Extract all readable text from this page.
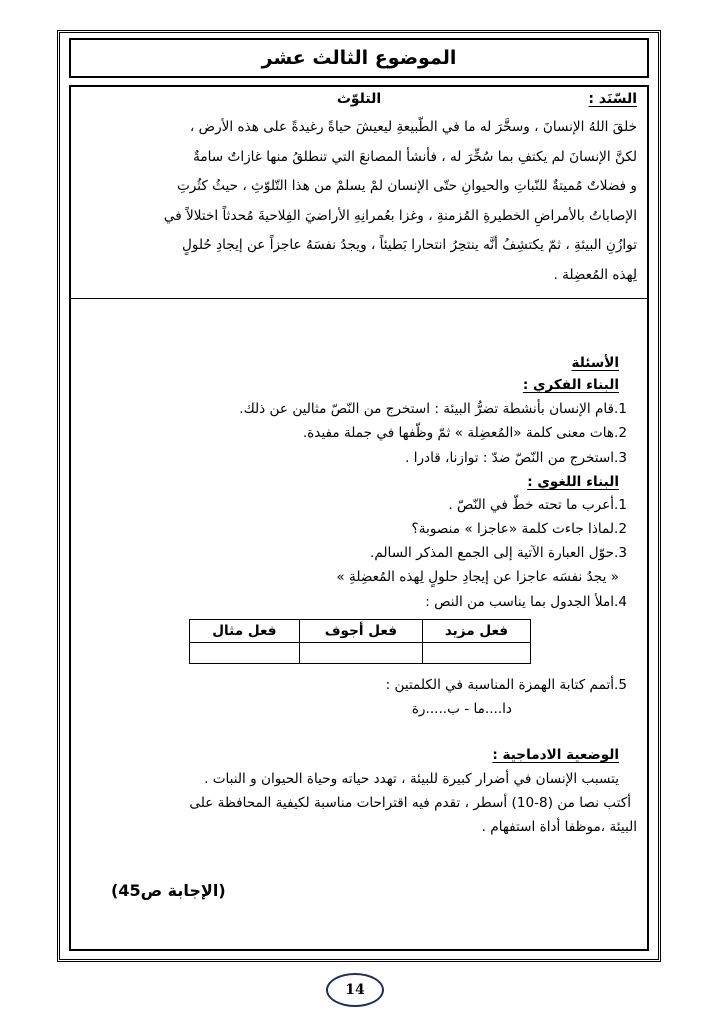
الموضوع الثالث عشر
السّنَد :
التلوّث

خلقَ اللهُ الإنسانَ ، وسخَّرَ له ما في الطّبيعةِ ليعيشَ حياةً رغيدةً على هذه الأرض ،

لكنَّ الإنسانَ لم يكتفِ بما سُخِّرَ له ، فأنشأ المصانعَ التي تنطلقُ منها غازاتٌ سامةٌ

و فضلاتٌ مُميتةٌ للنّباتِ والحيوانِ حتّى الإنسان لمْ يسلمْ من هذا التّلوّثِ ، حيثُ كثُرتِ

الإصاباتُ بالأمراضِ الخطيرةِ المُزمنةِ ، وغزا بعُمرانِهِ الأراضيَ الفِلاحيةَ مُحدثاً اختلالاً في

توازُنِ البيئةِ ، ثمّ يكتشِفُ أنَّه ينتحِرُ انتحارا بَطيئاً ، ويجدُ نفسَهُ عاجزاً عن إيجادِ حُلولٍ

لِهذه المُعضِلة .

الأسئلة
البناء الفكري :
1.قام الإنسان بأنشطة تضرُّ البيئة : استخرج من النّصّ مثالين عن ذلك.
2.هات معنى كلمة «المُعضِلة » ثمّ وظّفها في جملة مفيدة.
3.استخرج من النّصّ ضدّ : توازنا، قادرا .
البناء اللغوي :
1.أعرب ما تحته خطّ في النّصّ .
2.لماذا جاءت كلمة «عاجزا » منصوبة؟
3.حوّل العبارة الآتية إلى الجمع المذكر السالم.
« يجدُ نفسَه عاجزا عن إيجادِ حلولٍ لِهذه المُعضِلةِ »
4.املأ الجدول بما يناسب من النص :
فعل مزيد	فعل أجوف	فعل مثال

5.أتمم كتابة الهمزة المناسبة في الكلمتين :
دا....ما - ب.....رة
الوضعية الادماجية :
يتسبب الإنسان في أضرار كبيرة للبيئة ، تهدد حياته وحياة الحيوان و النبات .
أكتب نصا من (8-10) أسطر ، تقدم فيه اقتراحات مناسبة لكيفية المحافظة على
البيئة ،موظفا أداة استفهام .
(الإجابة ص45)
14
